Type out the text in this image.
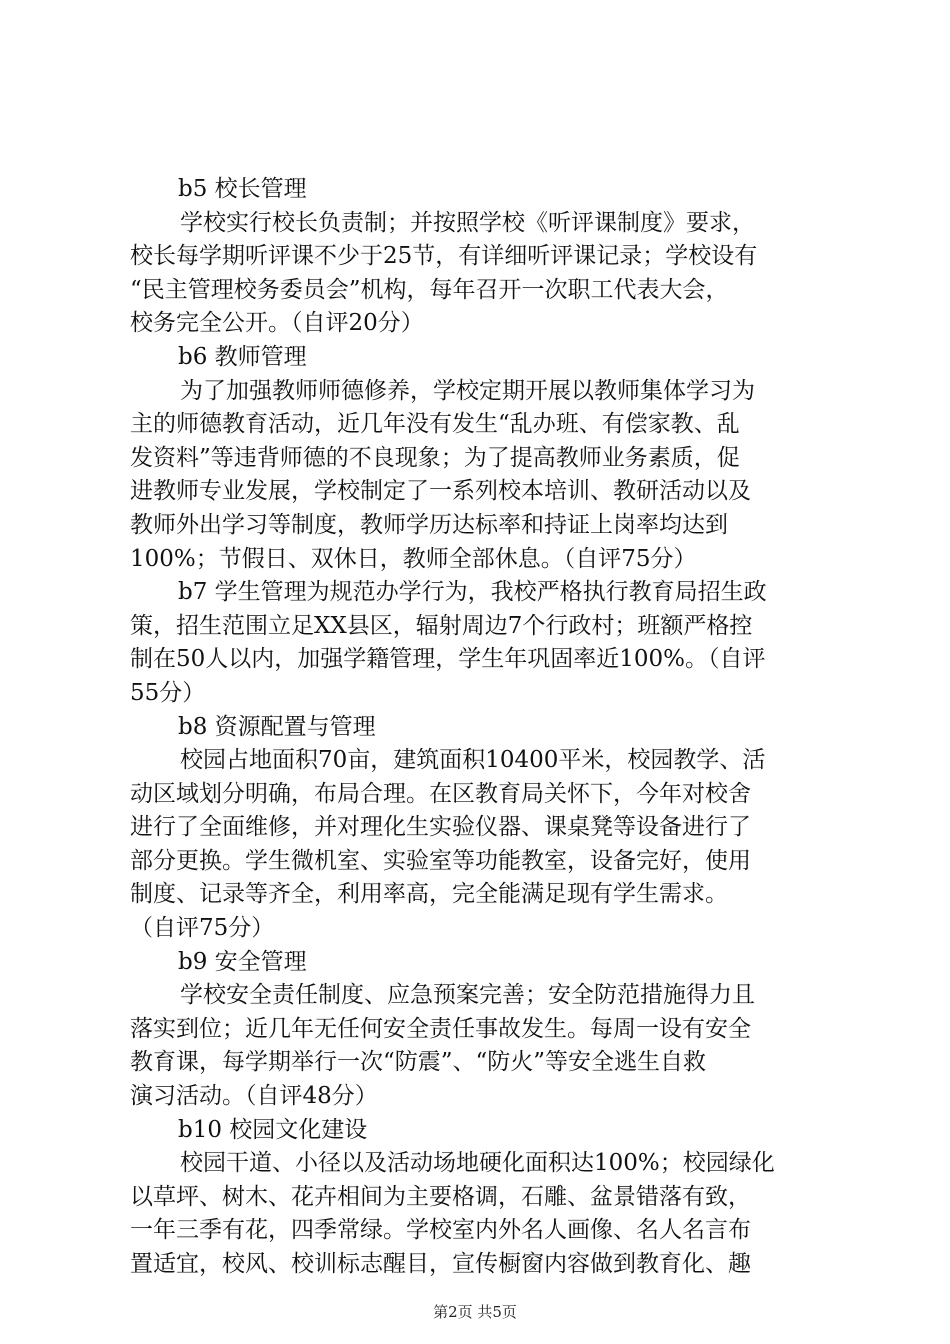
b5 校长管理
学校实行校长负责制；并按照学校《听评课制度》要求，
校长每学期听评课不少于25节，有详细听评课记录；学校设有
“民主管理校务委员会”机构，每年召开一次职工代表大会，
校务完全公开。（自评20分）
b6 教师管理
为了加强教师师德修养，学校定期开展以教师集体学习为
主的师德教育活动，近几年没有发生“乱办班、有偿家教、乱
发资料”等违背师德的不良现象；为了提高教师业务素质，促
进教师专业发展，学校制定了一系列校本培训、教研活动以及
教师外出学习等制度，教师学历达标率和持证上岗率均达到
100%；节假日、双休日，教师全部休息。（自评75分）
b7 学生管理为规范办学行为，我校严格执行教育局招生政
策，招生范围立足XX县区，辐射周边7个行政村；班额严格控
制在50人以内，加强学籍管理，学生年巩固率近100%。（自评
55分）
b8 资源配置与管理
校园占地面积70亩，建筑面积10400平米，校园教学、活
动区域划分明确，布局合理。在区教育局关怀下，今年对校舍
进行了全面维修，并对理化生实验仪器、课桌凳等设备进行了
部分更换。学生微机室、实验室等功能教室，设备完好，使用
制度、记录等齐全，利用率高，完全能满足现有学生需求。
（自评75分）
b9 安全管理
学校安全责任制度、应急预案完善；安全防范措施得力且
落实到位；近几年无任何安全责任事故发生。每周一设有安全
教育课，每学期举行一次“防震”、“防火”等安全逃生自救
演习活动。（自评48分）
b10 校园文化建设
校园干道、小径以及活动场地硬化面积达100%；校园绿化
以草坪、树木、花卉相间为主要格调，石雕、盆景错落有致，
一年三季有花，四季常绿。学校室内外名人画像、名人名言布
置适宜，校风、校训标志醒目，宣传橱窗内容做到教育化、趣
第2页 共5页
